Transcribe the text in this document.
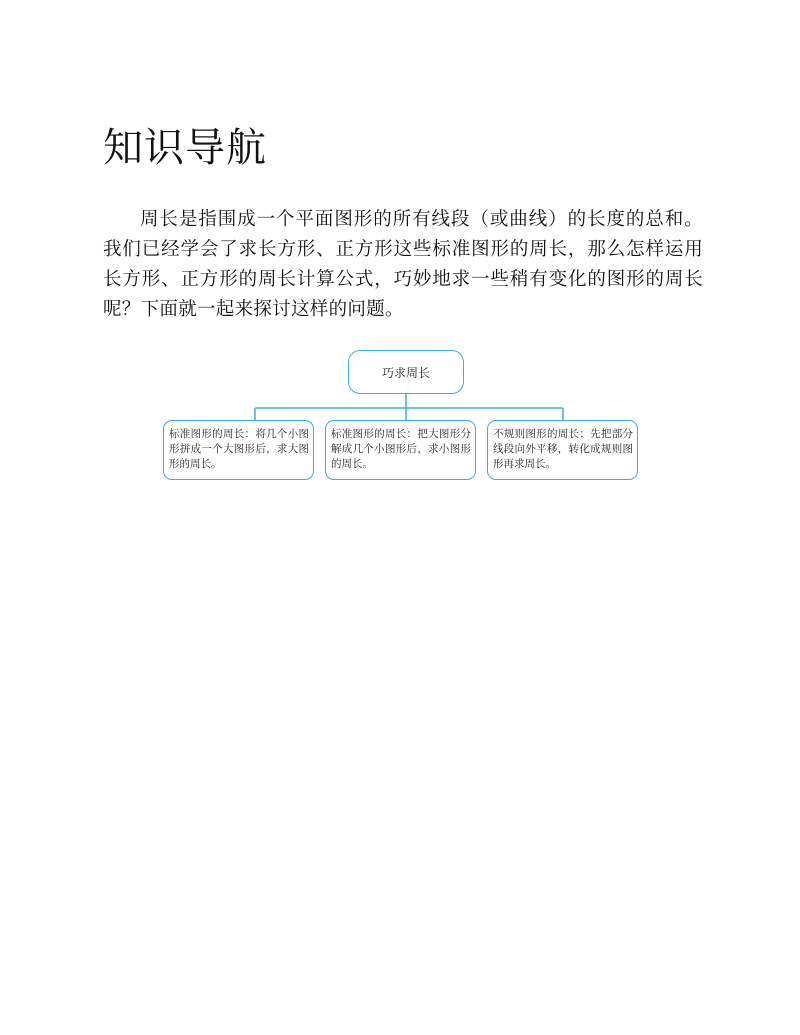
知识导航

周长是指围成一个平面图形的所有线段（或曲线）的长度的总和。我们已经学会了求长方形、正方形这些标准图形的周长，那么怎样运用长方形、正方形的周长计算公式，巧妙地求一些稍有变化的图形的周长呢？下面就一起来探讨这样的问题。

巧求周长
标准图形的周长：将几个小图形拼成一个大图形后，求大图形的周长。
标准图形的周长：把大图形分解成几个小图形后，求小图形的周长。
不规则图形的周长：先把部分线段向外平移，转化成规则图形再求周长。
